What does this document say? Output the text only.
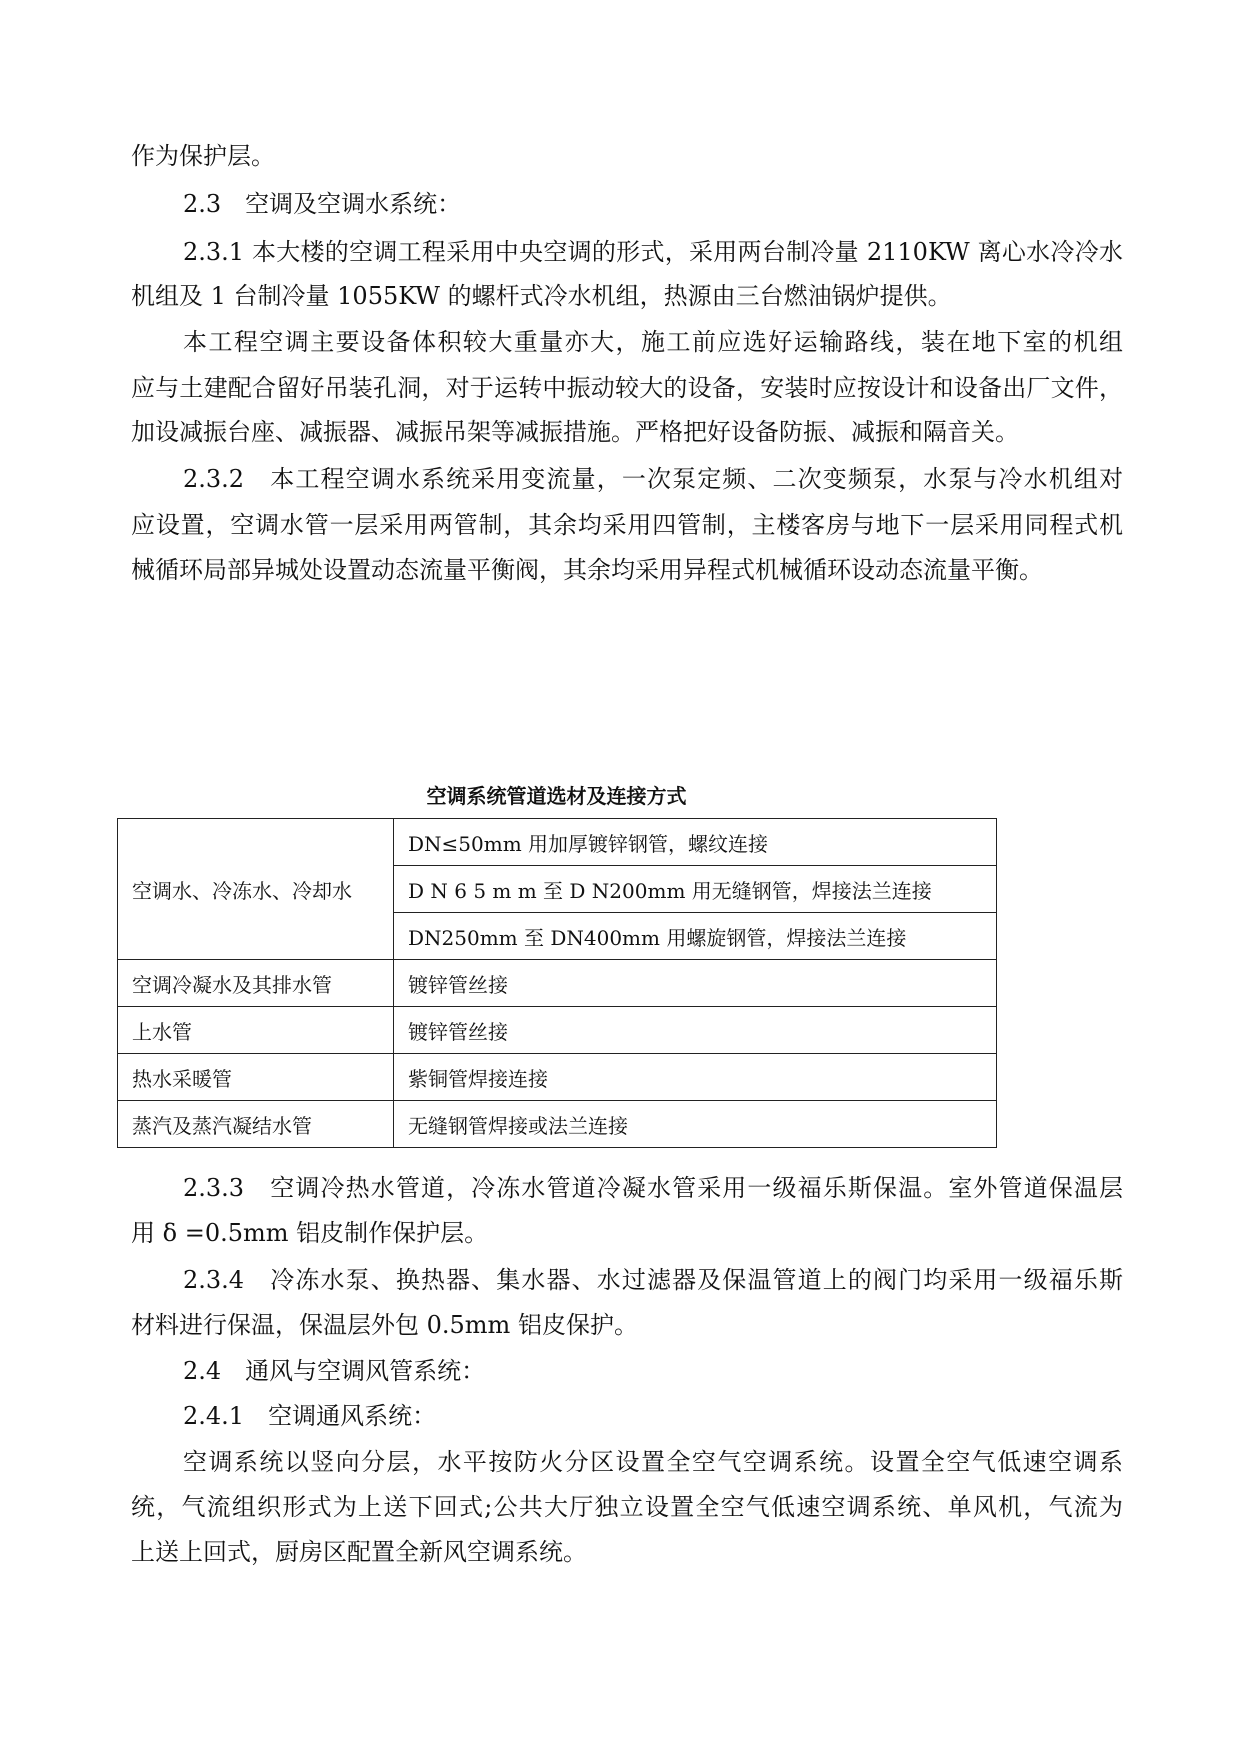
作为保护层。
2.3　空调及空调水系统：
2.3.1 本大楼的空调工程采用中央空调的形式，采用两台制冷量 2110KW 离心水冷冷水
机组及 1 台制冷量 1055KW 的螺杆式冷水机组，热源由三台燃油锅炉提供。
本工程空调主要设备体积较大重量亦大，施工前应选好运输路线，装在地下室的机组
应与土建配合留好吊装孔洞，对于运转中振动较大的设备，安装时应按设计和设备出厂文件，
加设减振台座、减振器、减振吊架等减振措施。严格把好设备防振、减振和隔音关。
2.3.2　本工程空调水系统采用变流量，一次泵定频、二次变频泵，水泵与冷水机组对
应设置，空调水管一层采用两管制，其余均采用四管制，主楼客房与地下一层采用同程式机
械循环局部异城处设置动态流量平衡阀，其余均采用异程式机械循环设动态流量平衡。
空调系统管道选材及连接方式
空调水、冷冻水、冷却水	DN≤50mm 用加厚镀锌钢管，螺纹连接
	D N 6 5 m m 至 D N200mm 用无缝钢管，焊接法兰连接
	DN250mm 至 DN400mm 用螺旋钢管，焊接法兰连接
空调冷凝水及其排水管	镀锌管丝接
上水管	镀锌管丝接
热水采暖管	紫铜管焊接连接
蒸汽及蒸汽凝结水管	无缝钢管焊接或法兰连接
2.3.3　空调冷热水管道，冷冻水管道冷凝水管采用一级福乐斯保温。室外管道保温层
用 δ =0.5mm 铝皮制作保护层。
2.3.4　冷冻水泵、换热器、集水器、水过滤器及保温管道上的阀门均采用一级福乐斯
材料进行保温，保温层外包 0.5mm 铝皮保护。
2.4　通风与空调风管系统：
2.4.1　空调通风系统：
空调系统以竖向分层，水平按防火分区设置全空气空调系统。设置全空气低速空调系
统，气流组织形式为上送下回式;公共大厅独立设置全空气低速空调系统、单风机，气流为
上送上回式，厨房区配置全新风空调系统。
